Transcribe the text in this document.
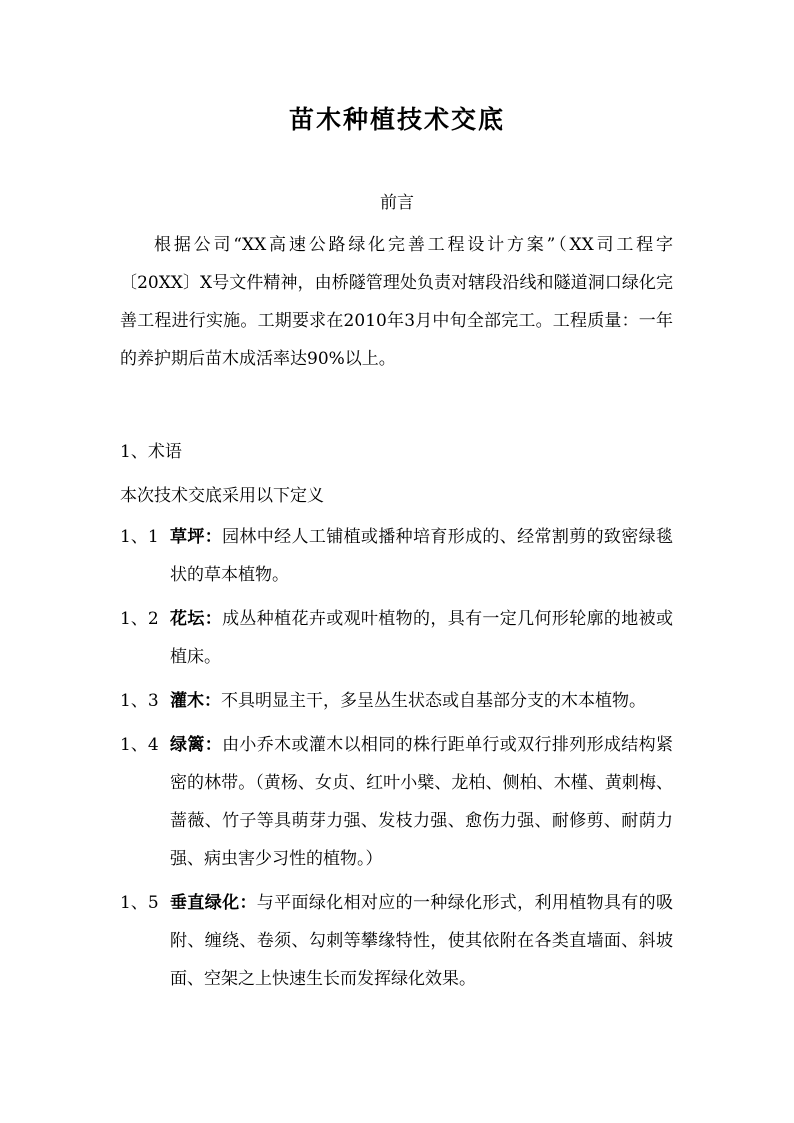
苗木种植技术交底
前言

根据公司“XX高速公路绿化完善工程设计方案”（XX司工程字〔20XX〕X号文件精神，由桥隧管理处负责对辖段沿线和隧道洞口绿化完善工程进行实施。工期要求在2010年3月中旬全部完工。工程质量：一年的养护期后苗木成活率达90%以上。

1、术语
本次技术交底采用以下定义
1、1 草坪：园林中经人工铺植或播种培育形成的、经常割剪的致密绿毯状的草本植物。
1、2 花坛：成丛种植花卉或观叶植物的，具有一定几何形轮廓的地被或植床。
1、3 灌木：不具明显主干，多呈丛生状态或自基部分支的木本植物。
1、4 绿篱：由小乔木或灌木以相同的株行距单行或双行排列形成结构紧密的林带。（黄杨、女贞、红叶小檗、龙柏、侧柏、木槿、黄刺梅、蔷薇、竹子等具萌芽力强、发枝力强、愈伤力强、耐修剪、耐荫力强、病虫害少习性的植物。）
1、5 垂直绿化：与平面绿化相对应的一种绿化形式，利用植物具有的吸附、缠绕、卷须、勾刺等攀缘特性，使其依附在各类直墙面、斜坡面、空架之上快速生长而发挥绿化效果。
